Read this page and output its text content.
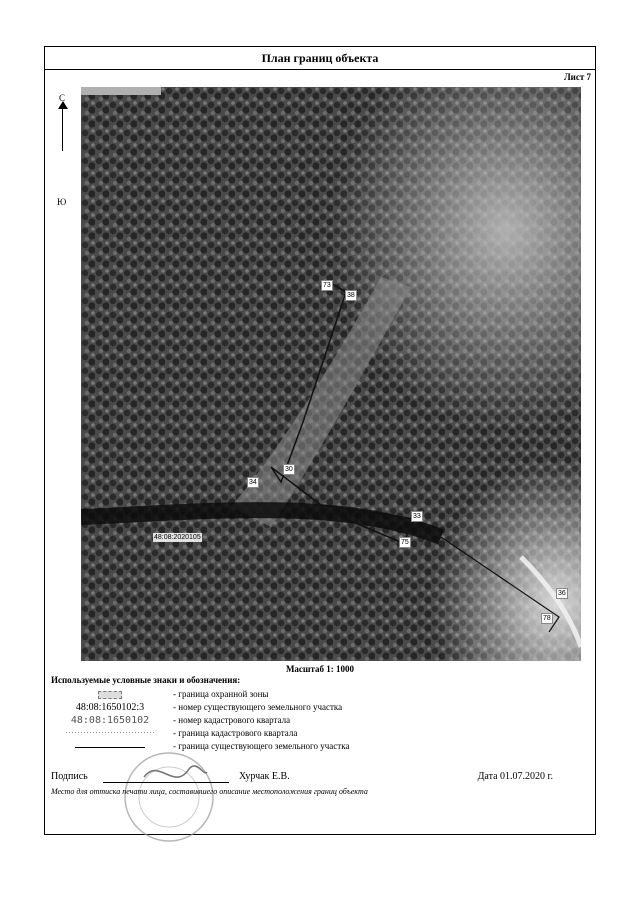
План границ объекта
Лист 7
С
Ю
73
38
30
34
33
75
36
78
48:08:2020105
Масштаб 1: 1000
Используемые условные знаки и обозначения:
- граница охранной зоны
48:08:1650102:3	- номер существующего земельного участка
48:08:1650102	- номер кадастрового квартала
..............................	- граница кадастрового квартала
- граница существующего земельного участка
Подпись	Хурчак Е.В.	Дата 01.07.2020 г.
Место для оттиска печати лица, составившего описание местоположения границ объекта
